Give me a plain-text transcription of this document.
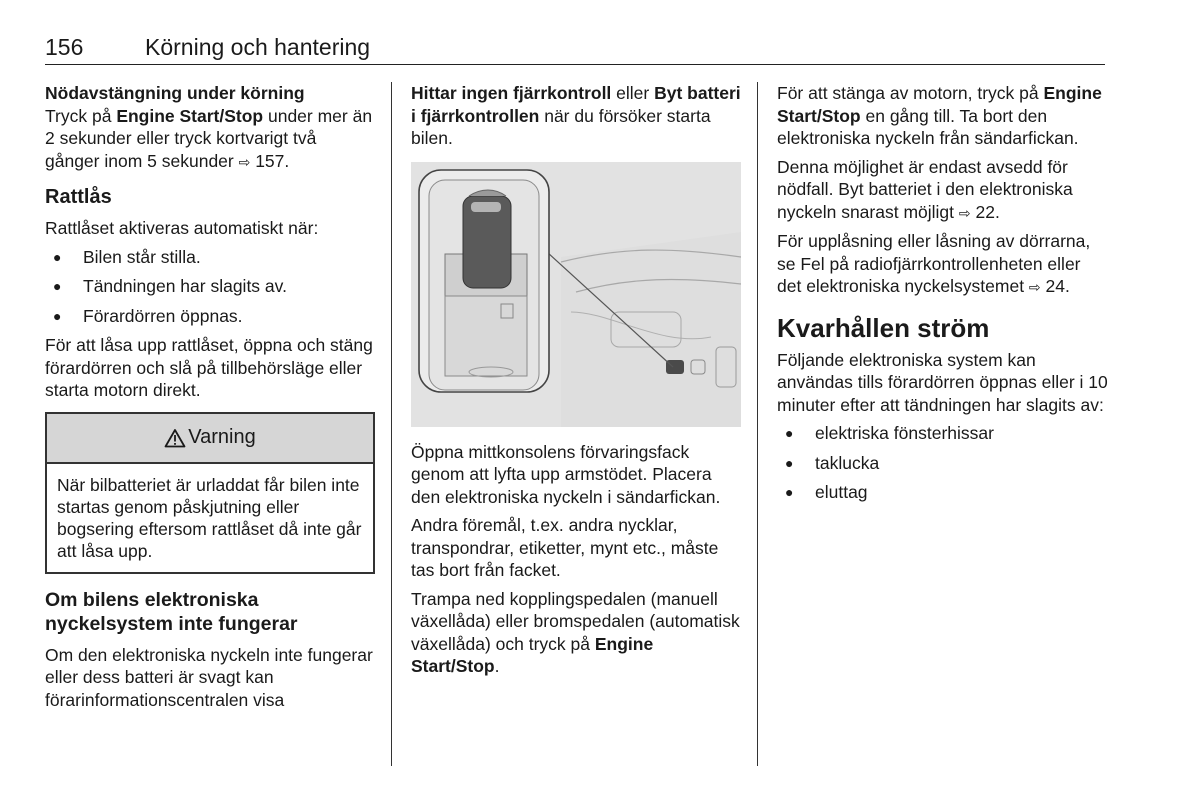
156	Körning och hantering

Nödavstängning under körning

Tryck på Engine Start/Stop under mer än 2 sekunder eller tryck kortvarigt två gånger inom 5 sekunder ⇨ 157.

Rattlås

Rattlåset aktiveras automatiskt när:

● Bilen står stilla.
● Tändningen har slagits av.
● Förardörren öppnas.

För att låsa upp rattlåset, öppna och stäng förardörren och slå på tillbehörsläge eller starta motorn direkt.

Varning
När bilbatteriet är urladdat får bilen inte startas genom påskjutning eller bogsering eftersom rattlåset då inte går att låsa upp.
Om bilens elektroniska nyckelsystem inte fungerar

Om den elektroniska nyckeln inte fungerar eller dess batteri är svagt kan förarinformationscentralen visa

Hittar ingen fjärrkontroll eller Byt batteri i fjärrkontrollen när du försöker starta bilen.

Öppna mittkonsolens förvaringsfack genom att lyfta upp armstödet. Placera den elektroniska nyckeln i sändarfickan.

Andra föremål, t.ex. andra nycklar, transpondrar, etiketter, mynt etc., måste tas bort från facket.

Trampa ned kopplingspedalen (manuell växellåda) eller bromspedalen (automatisk växellåda) och tryck på Engine Start/Stop.

För att stänga av motorn, tryck på Engine Start/Stop en gång till. Ta bort den elektroniska nyckeln från sändarfickan.

Denna möjlighet är endast avsedd för nödfall. Byt batteriet i den elektroniska nyckeln snarast möjligt ⇨ 22.

För upplåsning eller låsning av dörrarna, se Fel på radiofjärrkontrollenheten eller det elektroniska nyckelsystemet ⇨ 24.

Kvarhållen ström

Följande elektroniska system kan användas tills förardörren öppnas eller i 10 minuter efter att tändningen har slagits av:

● elektriska fönsterhissar
● taklucka
● eluttag
